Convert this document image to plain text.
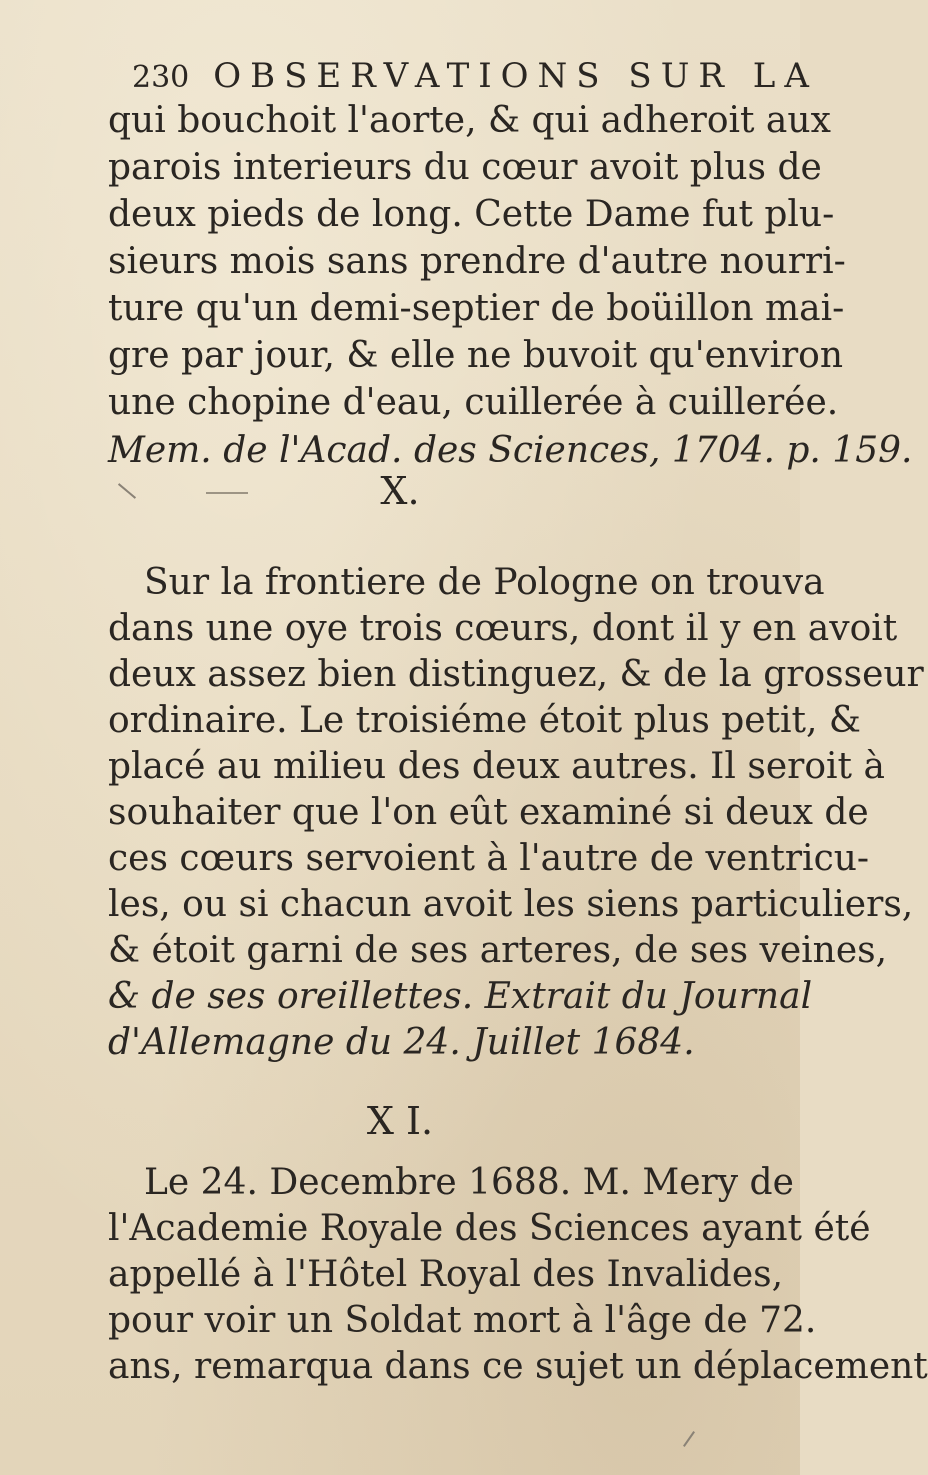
230 OBSERVATIONS SUR LA
qui bouchoit l'aorte, & qui adheroit aux
parois interieurs du cœur avoit plus de
deux pieds de long. Cette Dame fut plu-
sieurs mois sans prendre d'autre nourri-
ture qu'un demi-septier de boüillon mai-
gre par jour, & elle ne buvoit qu'environ
une chopine d'eau, cuillerée à cuillerée.
Mem. de l'Acad. des Sciences, 1704. p. 159.
X.
Sur la frontiere de Pologne on trouva
dans une oye trois cœurs, dont il y en avoit
deux assez bien distinguez, & de la grosseur
ordinaire. Le troisiéme étoit plus petit, &
placé au milieu des deux autres. Il seroit à
souhaiter que l'on eût examiné si deux de
ces cœurs servoient à l'autre de ventricu-
les, ou si chacun avoit les siens particuliers,
& étoit garni de ses arteres, de ses veines,
& de ses oreillettes. Extrait du Journal
d'Allemagne du 24. Juillet 1684.
X I.
Le 24. Decembre 1688. M. Mery de
l'Academie Royale des Sciences ayant été
appellé à l'Hôtel Royal des Invalides,
pour voir un Soldat mort à l'âge de 72.
ans, remarqua dans ce sujet un déplacement
